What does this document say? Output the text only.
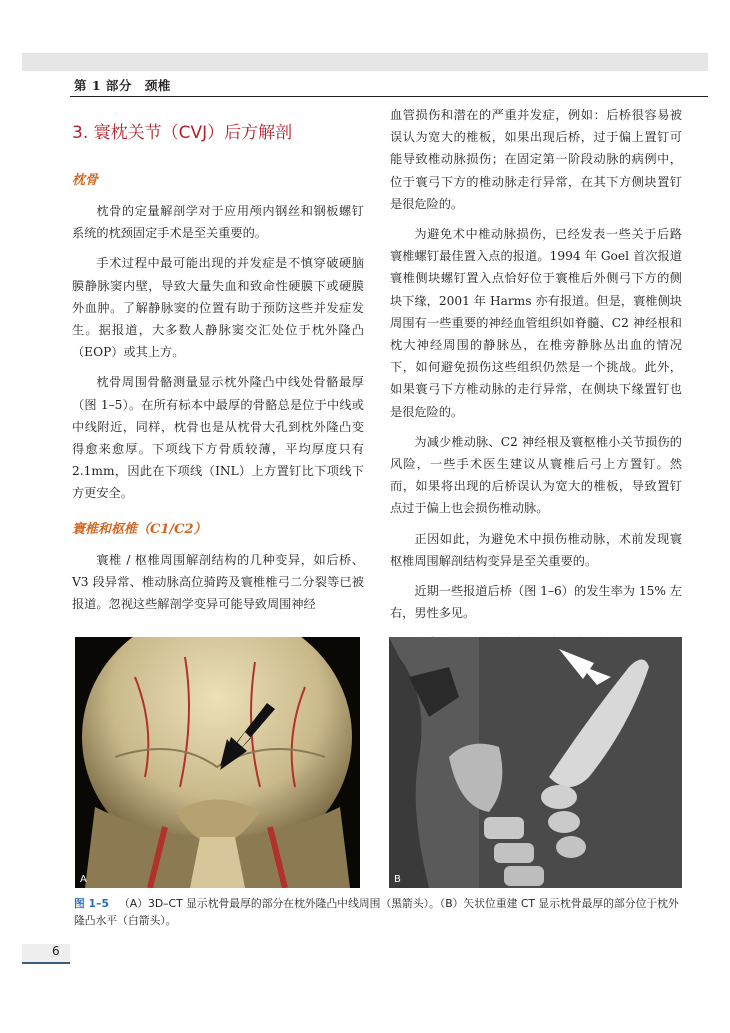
第 1 部分　颈椎
3. 寰枕关节（CVJ）后方解剖
枕骨

枕骨的定量解剖学对于应用颅内钢丝和钢板螺钉系统的枕颈固定手术是至关重要的。

手术过程中最可能出现的并发症是不慎穿破硬脑膜静脉窦内壁，导致大量失血和致命性硬膜下或硬膜外血肿。了解静脉窦的位置有助于预防这些并发症发生。据报道，大多数人静脉窦交汇处位于枕外隆凸（EOP）或其上方。

枕骨周围骨骼测量显示枕外隆凸中线处骨骼最厚（图 1–5）。在所有标本中最厚的骨骼总是位于中线或中线附近，同样，枕骨也是从枕骨大孔到枕外隆凸变得愈来愈厚。下项线下方骨质较薄，平均厚度只有 2.1mm，因此在下项线（INL）上方置钉比下项线下方更安全。

寰椎和枢椎（C1/C2）

寰椎 / 枢椎周围解剖结构的几种变异，如后桥、V3 段异常、椎动脉高位骑跨及寰椎椎弓二分裂等已被报道。忽视这些解剖学变异可能导致周围神经

血管损伤和潜在的严重并发症，例如：后桥很容易被误认为宽大的椎板，如果出现后桥，过于偏上置钉可能导致椎动脉损伤；在固定第一阶段动脉的病例中，位于寰弓下方的椎动脉走行异常，在其下方侧块置钉是很危险的。

为避免术中椎动脉损伤，已经发表一些关于后路寰椎螺钉最佳置入点的报道。1994 年 Goel 首次报道寰椎侧块螺钉置入点恰好位于寰椎后外侧弓下方的侧块下缘，2001 年 Harms 亦有报道。但是，寰椎侧块周围有一些重要的神经血管组织如脊髓、C2 神经根和枕大神经周围的静脉丛，在椎旁静脉丛出血的情况下，如何避免损伤这些组织仍然是一个挑战。此外，如果寰弓下方椎动脉的走行异常，在侧块下缘置钉也是很危险的。

为减少椎动脉、C2 神经根及寰枢椎小关节损伤的风险，一些手术医生建议从寰椎后弓上方置钉。然而，如果将出现的后桥误认为宽大的椎板，导致置钉点过于偏上也会损伤椎动脉。

正因如此，为避免术中损伤椎动脉，术前发现寰枢椎周围解剖结构变异是至关重要的。

近期一些报道后桥（图 1–6）的发生率为 15% 左右，男性多见。

A	B
图 1–5 （A）3D–CT 显示枕骨最厚的部分在枕外隆凸中线周围（黑箭头）。（B）矢状位重建 CT 显示枕骨最厚的部分位于枕外隆凸水平（白箭头）。
6
